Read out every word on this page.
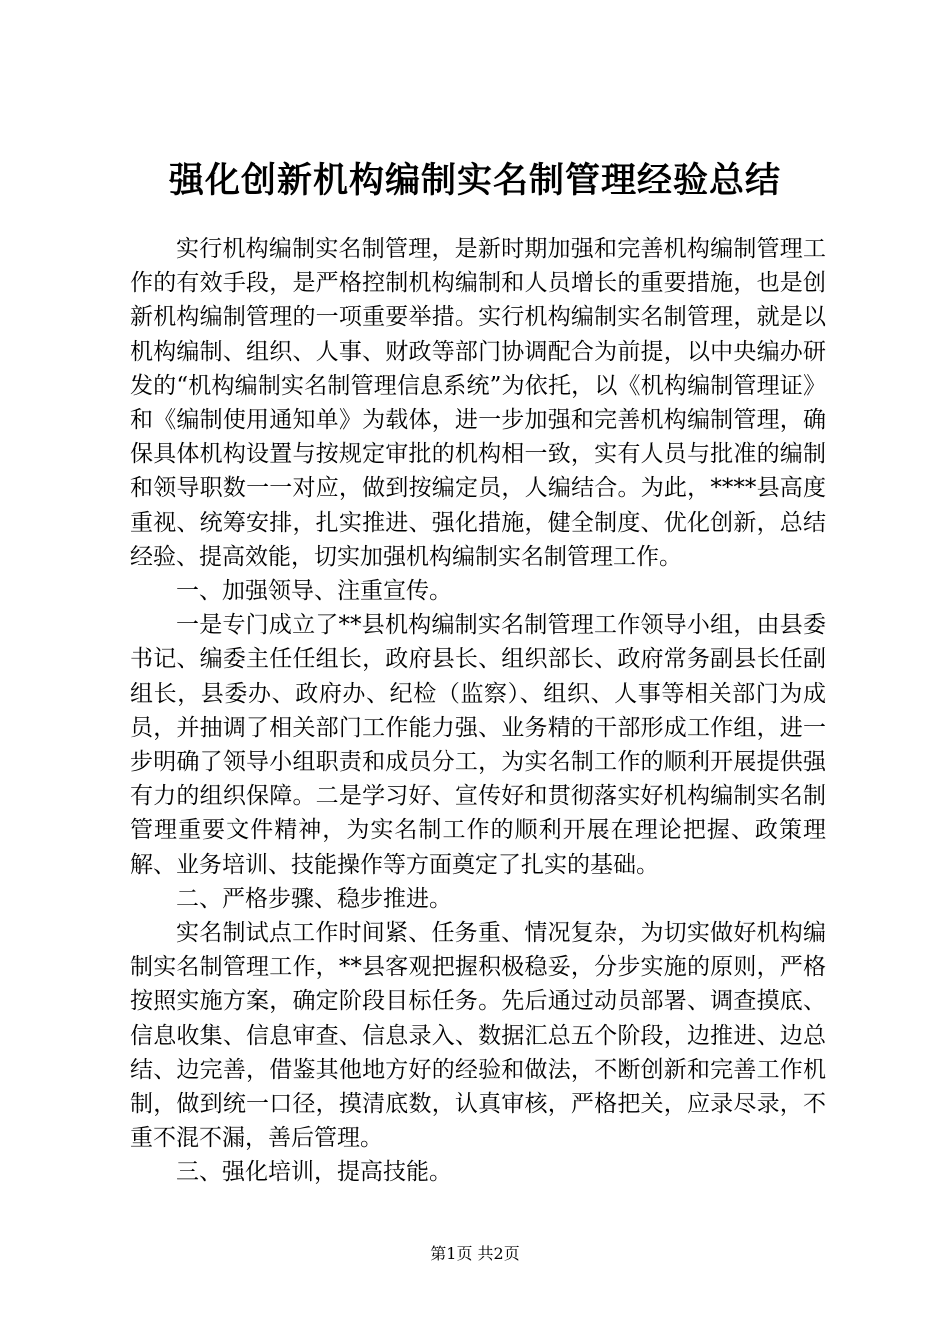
强化创新机构编制实名制管理经验总结

实行机构编制实名制管理，是新时期加强和完善机构编制管理工作的有效手段，是严格控制机构编制和人员增长的重要措施，也是创新机构编制管理的一项重要举措。实行机构编制实名制管理，就是以机构编制、组织、人事、财政等部门协调配合为前提，以中央编办研发的“机构编制实名制管理信息系统”为依托，以《机构编制管理证》和《编制使用通知单》为载体，进一步加强和完善机构编制管理，确保具体机构设置与按规定审批的机构相一致，实有人员与批准的编制和领导职数一一对应，做到按编定员，人编结合。为此，****县高度重视、统筹安排，扎实推进、强化措施，健全制度、优化创新，总结经验、提高效能，切实加强机构编制实名制管理工作。

一、加强领导、注重宣传。

一是专门成立了**县机构编制实名制管理工作领导小组，由县委书记、编委主任任组长，政府县长、组织部长、政府常务副县长任副组长，县委办、政府办、纪检（监察）、组织、人事等相关部门为成员，并抽调了相关部门工作能力强、业务精的干部形成工作组，进一步明确了领导小组职责和成员分工，为实名制工作的顺利开展提供强有力的组织保障。二是学习好、宣传好和贯彻落实好机构编制实名制管理重要文件精神，为实名制工作的顺利开展在理论把握、政策理解、业务培训、技能操作等方面奠定了扎实的基础。

二、严格步骤、稳步推进。

实名制试点工作时间紧、任务重、情况复杂，为切实做好机构编制实名制管理工作，**县客观把握积极稳妥，分步实施的原则，严格按照实施方案，确定阶段目标任务。先后通过动员部署、调查摸底、信息收集、信息审查、信息录入、数据汇总五个阶段，边推进、边总结、边完善，借鉴其他地方好的经验和做法，不断创新和完善工作机制，做到统一口径，摸清底数，认真审核，严格把关，应录尽录，不重不混不漏，善后管理。

三、强化培训，提高技能。

第1页 共2页
